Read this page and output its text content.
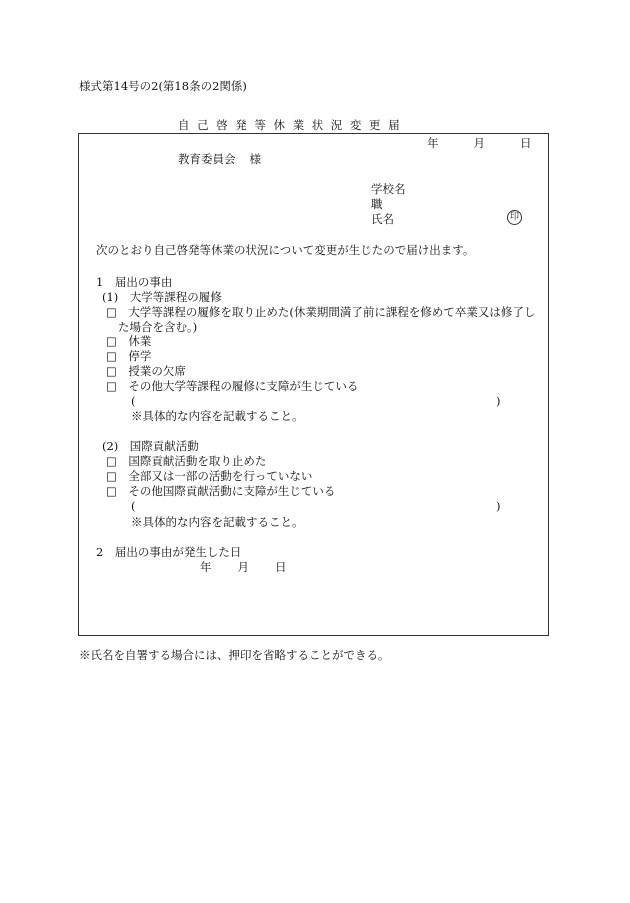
様式第14号の2(第18条の2関係)
自己啓発等休業状況変更届
年	月	日
教育委員会 様
学校名
職
氏名	印
次のとおり自己啓発等休業の状況について変更が生じたので届け出ます。
1　届出の事由
(1)　大学等課程の履修
□　大学等課程の履修を取り止めた(休業期間満了前に課程を修めて卒業又は修了し
た場合を含む。)
□　休業
□　停学
□　授業の欠席
□　その他大学等課程の履修に支障が生じている
(	)
※具体的な内容を記載すること。
(2)　国際貢献活動
□　国際貢献活動を取り止めた
□　全部又は一部の活動を行っていない
□　その他国際貢献活動に支障が生じている
(	)
※具体的な内容を記載すること。
2　届出の事由が発生した日
年 月 日
※氏名を自署する場合には、押印を省略することができる。
